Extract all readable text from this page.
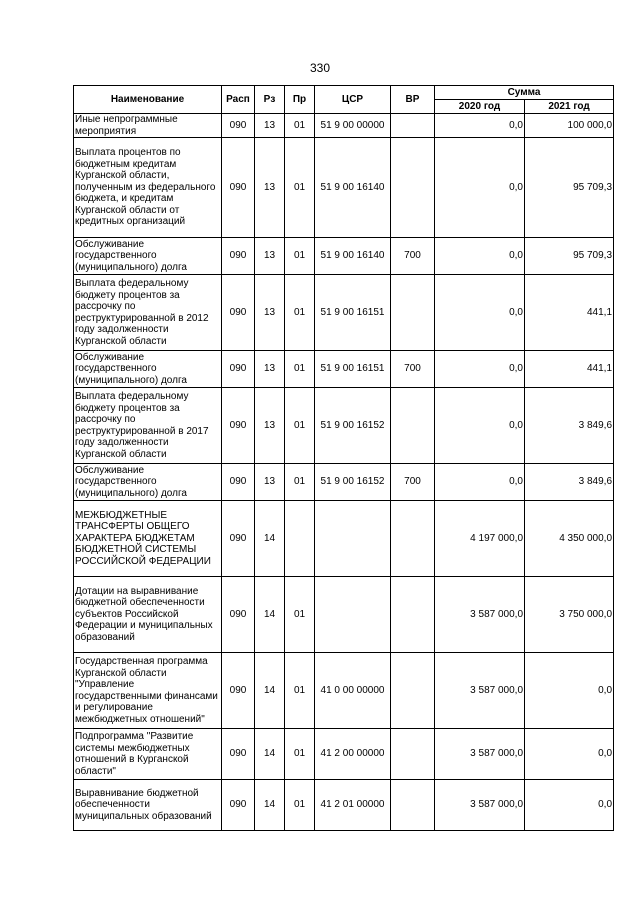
330
Наименование	Расп	Рз	Пр	ЦСР	ВР	Сумма	
						2020 год	2021 год
Иные непрограммные мероприятия	090	13	01	51 9 00 00000		0,0	100 000,0
Выплата процентов по бюджетным кредитам Курганской области, полученным из федерального бюджета, и кредитам Курганской области от кредитных организаций	090	13	01	51 9 00 16140		0,0	95 709,3
Обслуживание государственного (муниципального) долга	090	13	01	51 9 00 16140	700	0,0	95 709,3
Выплата федеральному бюджету процентов за рассрочку по реструктурированной в 2012 году задолженности Курганской области	090	13	01	51 9 00 16151		0,0	441,1
Обслуживание государственного (муниципального) долга	090	13	01	51 9 00 16151	700	0,0	441,1
Выплата федеральному бюджету процентов за рассрочку по реструктурированной в 2017 году задолженности Курганской области	090	13	01	51 9 00 16152		0,0	3 849,6
Обслуживание государственного (муниципального) долга	090	13	01	51 9 00 16152	700	0,0	3 849,6
МЕЖБЮДЖЕТНЫЕ ТРАНСФЕРТЫ ОБЩЕГО ХАРАКТЕРА БЮДЖЕТАМ БЮДЖЕТНОЙ СИСТЕМЫ РОССИЙСКОЙ ФЕДЕРАЦИИ	090	14				4 197 000,0	4 350 000,0
Дотации на выравнивание бюджетной обеспеченности субъектов Российской Федерации и муниципальных образований	090	14	01			3 587 000,0	3 750 000,0
Государственная программа Курганской области "Управление государственными финансами и регулирование межбюджетных отношений"	090	14	01	41 0 00 00000		3 587 000,0	0,0
Подпрограмма "Развитие системы межбюджетных отношений в Курганской области"	090	14	01	41 2 00 00000		3 587 000,0	0,0
Выравнивание бюджетной обеспеченности муниципальных образований	090	14	01	41 2 01 00000		3 587 000,0	0,0
